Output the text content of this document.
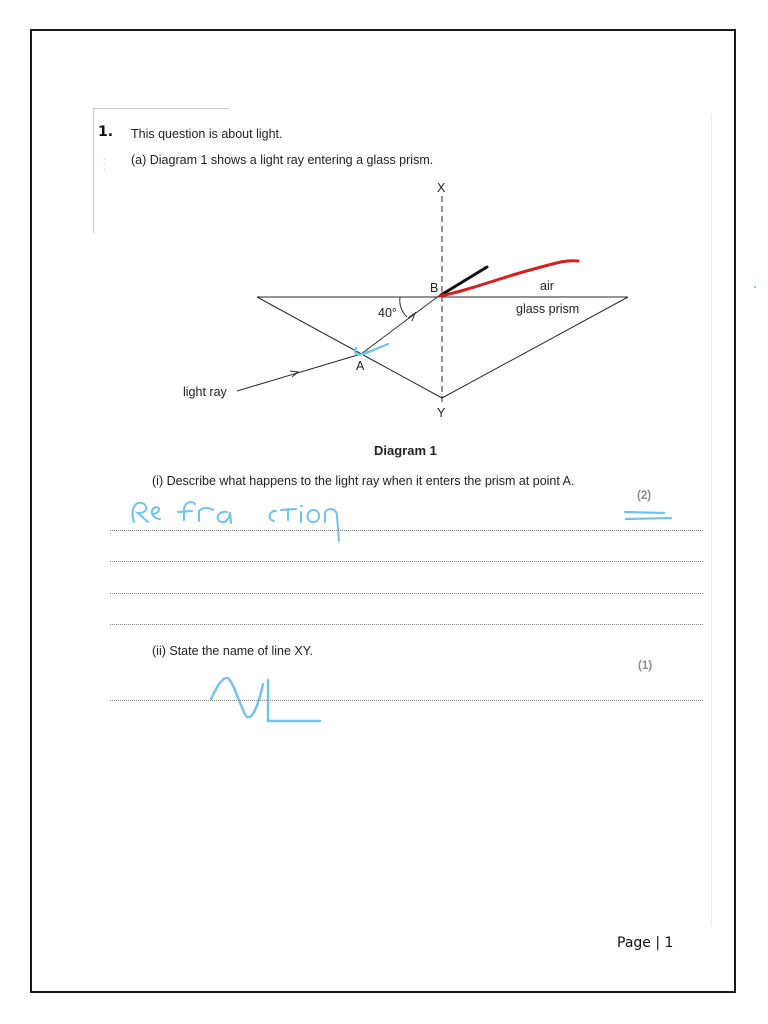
:
·
1. This question is about light.
(a) Diagram 1 shows a light ray entering a glass prism.
X
Y
B
A
40°
air
glass prism
light ray
Diagram 1
(i) Describe what happens to the light ray when it enters the prism at point A.
(2)
(ii) State the name of line XY.
(1)
Page | 1
